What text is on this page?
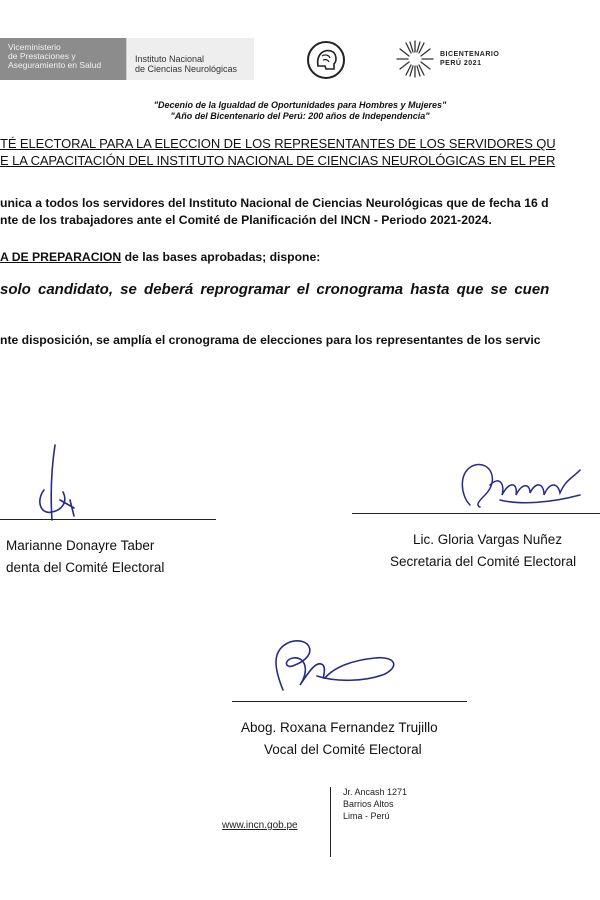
Viceministerio
de Prestaciones y
Aseguramiento en Salud
Instituto Nacional
de Ciencias Neurológicas
BICENTENARIO
PERÚ 2021
"Decenio de la Igualdad de Oportunidades para Hombres y Mujeres"
"Año del Bicentenario del Perú: 200 años de Independencia"
TÉ ELECTORAL PARA LA ELECCION DE LOS REPRESENTANTES DE LOS SERVIDORES QU
E LA CAPACITACIÓN DEL INSTITUTO NACIONAL DE CIENCIAS NEUROLÓGICAS EN EL PER
unica a todos los servidores del Instituto Nacional de Ciencias Neurológicas que de fecha 16 d
nte de los trabajadores ante el Comité de Planificación del INCN - Periodo 2021-2024.
A DE PREPARACION de las bases aprobadas; dispone:
solo candidato, se deberá reprogramar el cronograma hasta que se cuen
nte disposición, se amplía el cronograma de elecciones para los representantes de los servic
Marianne Donayre Taber
denta del Comité Electoral
Lic. Gloria Vargas Nuñez
Secretaria del Comité Electoral
Abog. Roxana Fernandez Trujillo
Vocal del Comité Electoral
www.incn.gob.pe
Jr. Ancash 1271
Barrios Altos
Lima - Perú
